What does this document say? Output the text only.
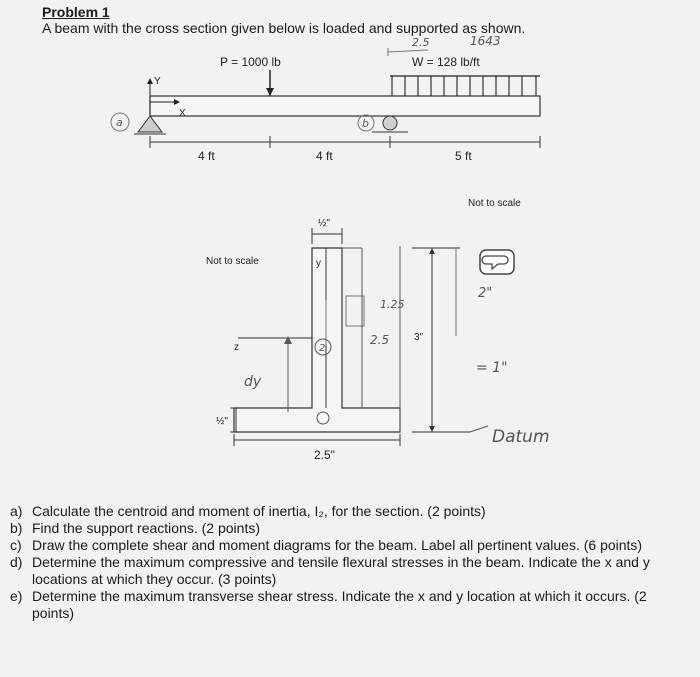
Problem 1
A beam with the cross section given below is loaded and supported as shown.
P = 1000 lb	W = 128 lb/ft
2.5	1643
Y
X
a	b
4 ft	4 ft	5 ft
Not to scale
Not to scale
½"
y
z
dy
2
1.25
2.5 3"
2"
= 1"
Datum
½"
2.5"
a) Calculate the centroid and moment of inertia, I₂, for the section. (2 points)
b) Find the support reactions. (2 points)
c) Draw the complete shear and moment diagrams for the beam. Label all pertinent values. (6 points)
d) Determine the maximum compressive and tensile flexural stresses in the beam. Indicate the x and y locations at which they occur. (3 points)
e) Determine the maximum transverse shear stress. Indicate the x and y location at which it occurs. (2 points)
